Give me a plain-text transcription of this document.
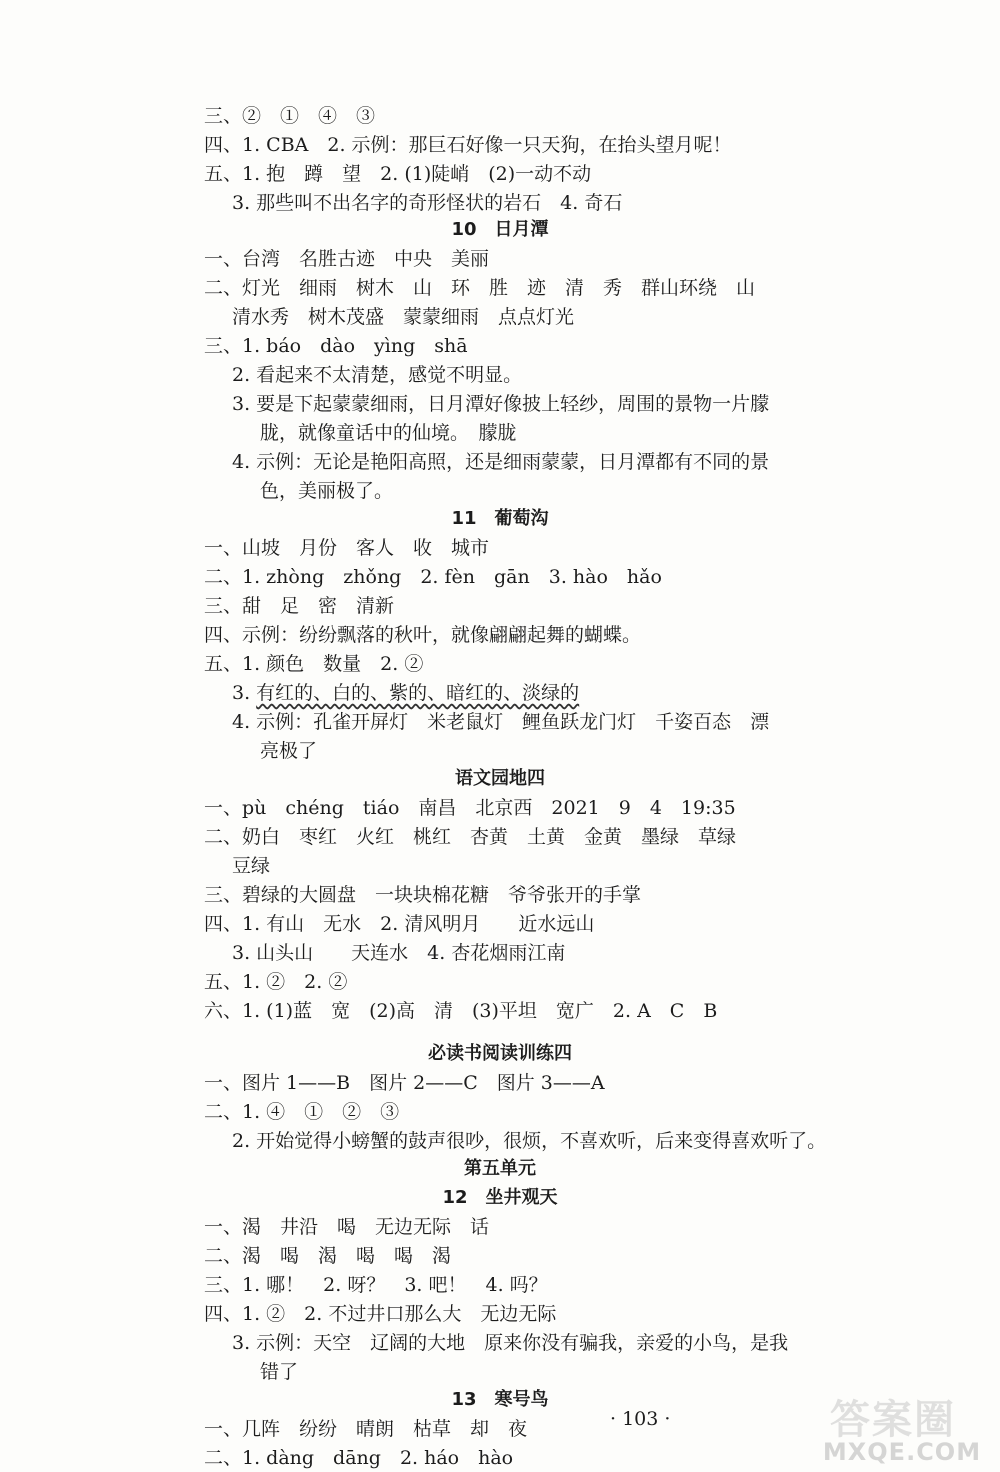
三、②　①　④　③
四、1. CBA　2. 示例：那巨石好像一只天狗，在抬头望月呢！
五、1. 抱　蹲　望　2. (1)陡峭　(2)一动不动
3. 那些叫不出名字的奇形怪状的岩石　4. 奇石
10　日月潭
一、台湾　名胜古迹　中央　美丽
二、灯光　细雨　树木　山　环　胜　迹　清　秀　群山环绕　山
清水秀　树木茂盛　蒙蒙细雨　点点灯光
三、1. báo　dào　yìng　shā
2. 看起来不太清楚，感觉不明显。
3. 要是下起蒙蒙细雨，日月潭好像披上轻纱，周围的景物一片朦
胧，就像童话中的仙境。　朦胧
4. 示例：无论是艳阳高照，还是细雨蒙蒙，日月潭都有不同的景
色，美丽极了。
11　葡萄沟
一、山坡　月份　客人　收　城市
二、1. zhòng　zhǒng　2. fèn　gān　3. hào　hǎo
三、甜　足　密　清新
四、示例：纷纷飘落的秋叶，就像翩翩起舞的蝴蝶。
五、1. 颜色　数量　2. ②
3. 有红的、白的、紫的、暗红的、淡绿的
4. 示例：孔雀开屏灯　米老鼠灯　鲤鱼跃龙门灯　千姿百态　漂
亮极了
语文园地四
一、pù　chéng　tiáo　南昌　北京西　2021　9　4　19:35
二、奶白　枣红　火红　桃红　杏黄　土黄　金黄　墨绿　草绿
豆绿
三、碧绿的大圆盘　一块块棉花糖　爷爷张开的手掌
四、1. 有山　无水　2. 清风明月　　近水远山
3. 山头山　　天连水　4. 杏花烟雨江南
五、1. ②　2. ②
六、1. (1)蓝　宽　(2)高　清　(3)平坦　宽广　2. A　C　B
必读书阅读训练四
一、图片 1——B　图片 2——C　图片 3——A
二、1. ④　①　②　③
2. 开始觉得小螃蟹的鼓声很吵，很烦，不喜欢听，后来变得喜欢听了。
第五单元
12　坐井观天
一、渴　井沿　喝　无边无际　话
二、渴　喝　渴　喝　喝　渴
三、1. 哪！　2. 呀？　3. 吧！　4. 吗？
四、1. ②　2. 不过井口那么大　无边无际
3. 示例：天空　辽阔的大地　原来你没有骗我，亲爱的小鸟，是我
错了
13　寒号鸟
一、几阵　纷纷　晴朗　枯草　却　夜
二、1. dàng　dāng　2. háo　hào
· 103 ·	答案圈
MXQE.COM
